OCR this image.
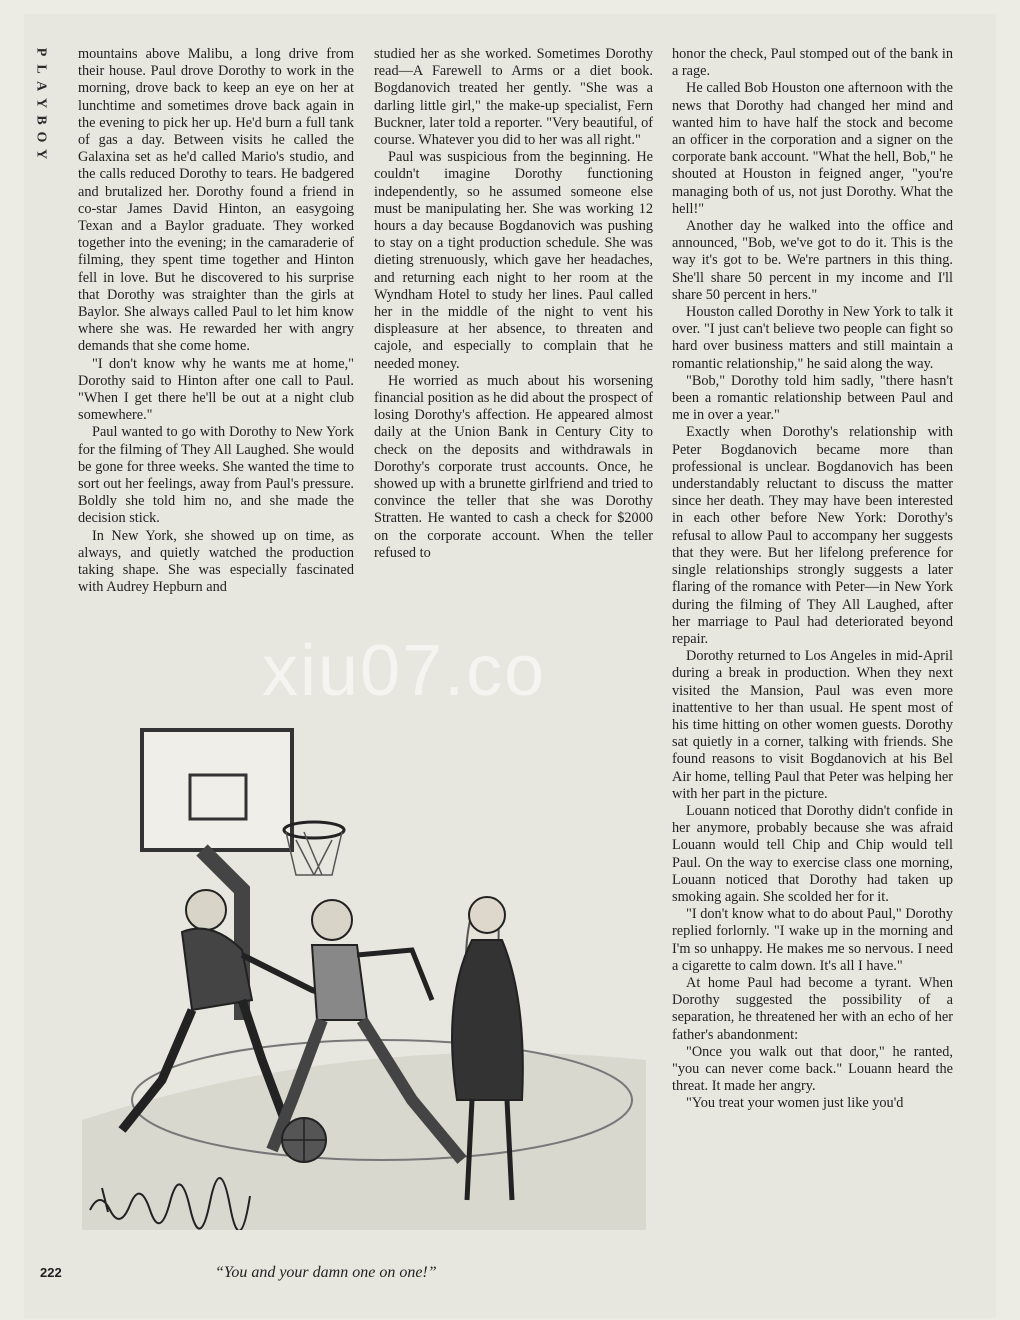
P
L
A
Y
B
O
Y

mountains above Malibu, a long drive from their house. Paul drove Dorothy to work in the morning, drove back to keep an eye on her at lunchtime and sometimes drove back again in the evening to pick her up. He'd burn a full tank of gas a day. Between visits he called the Galaxina set as he'd called Mario's studio, and the calls reduced Dorothy to tears. He badgered and brutalized her. Dorothy found a friend in co-star James David Hinton, an easygoing Texan and a Baylor graduate. They worked together into the evening; in the camaraderie of filming, they spent time together and Hinton fell in love. But he discovered to his surprise that Dorothy was straighter than the girls at Baylor. She always called Paul to let him know where she was. He rewarded her with angry demands that she come home.

"I don't know why he wants me at home," Dorothy said to Hinton after one call to Paul. "When I get there he'll be out at a night club somewhere."

Paul wanted to go with Dorothy to New York for the filming of They All Laughed. She would be gone for three weeks. She wanted the time to sort out her feelings, away from Paul's pressure. Boldly she told him no, and she made the decision stick.

In New York, she showed up on time, as always, and quietly watched the production taking shape. She was especially fascinated with Audrey Hepburn and

studied her as she worked. Sometimes Dorothy read—A Farewell to Arms or a diet book. Bogdanovich treated her gently. "She was a darling little girl," the make-up specialist, Fern Buckner, later told a reporter. "Very beautiful, of course. Whatever you did to her was all right."

Paul was suspicious from the beginning. He couldn't imagine Dorothy functioning independently, so he assumed someone else must be manipulating her. She was working 12 hours a day because Bogdanovich was pushing to stay on a tight production schedule. She was dieting strenuously, which gave her headaches, and returning each night to her room at the Wyndham Hotel to study her lines. Paul called her in the middle of the night to vent his displeasure at her absence, to threaten and cajole, and especially to complain that he needed money.

He worried as much about his worsening financial position as he did about the prospect of losing Dorothy's affection. He appeared almost daily at the Union Bank in Century City to check on the deposits and withdrawals in Dorothy's corporate trust accounts. Once, he showed up with a brunette girlfriend and tried to convince the teller that she was Dorothy Stratten. He wanted to cash a check for $2000 on the corporate account. When the teller refused to

honor the check, Paul stomped out of the bank in a rage.

He called Bob Houston one afternoon with the news that Dorothy had changed her mind and wanted him to have half the stock and become an officer in the corporation and a signer on the corporate bank account. "What the hell, Bob," he shouted at Houston in feigned anger, "you're managing both of us, not just Dorothy. What the hell!"

Another day he walked into the office and announced, "Bob, we've got to do it. This is the way it's got to be. We're partners in this thing. She'll share 50 percent in my income and I'll share 50 percent in hers."

Houston called Dorothy in New York to talk it over. "I just can't believe two people can fight so hard over business matters and still maintain a romantic relationship," he said along the way.

"Bob," Dorothy told him sadly, "there hasn't been a romantic relationship between Paul and me in over a year."

Exactly when Dorothy's relationship with Peter Bogdanovich became more than professional is unclear. Bogdanovich has been understandably reluctant to discuss the matter since her death. They may have been interested in each other before New York: Dorothy's refusal to allow Paul to accompany her suggests that they were. But her lifelong preference for single relationships strongly suggests a later flaring of the romance with Peter—in New York during the filming of They All Laughed, after her marriage to Paul had deteriorated beyond repair.

Dorothy returned to Los Angeles in mid-April during a break in production. When they next visited the Mansion, Paul was even more inattentive to her than usual. He spent most of his time hitting on other women guests. Dorothy sat quietly in a corner, talking with friends. She found reasons to visit Bogdanovich at his Bel Air home, telling Paul that Peter was helping her with her part in the picture.

Louann noticed that Dorothy didn't confide in her anymore, probably because she was afraid Louann would tell Chip and Chip would tell Paul. On the way to exercise class one morning, Louann noticed that Dorothy had taken up smoking again. She scolded her for it.

"I don't know what to do about Paul," Dorothy replied forlornly. "I wake up in the morning and I'm so unhappy. He makes me so nervous. I need a cigarette to calm down. It's all I have."

At home Paul had become a tyrant. When Dorothy suggested the possibility of a separation, he threatened her with an echo of her father's abandonment:

"Once you walk out that door," he ranted, "you can never come back." Louann heard the threat. It made her angry.

"You treat your women just like you'd

xiu07.co
“You and your damn one on one!”
222
